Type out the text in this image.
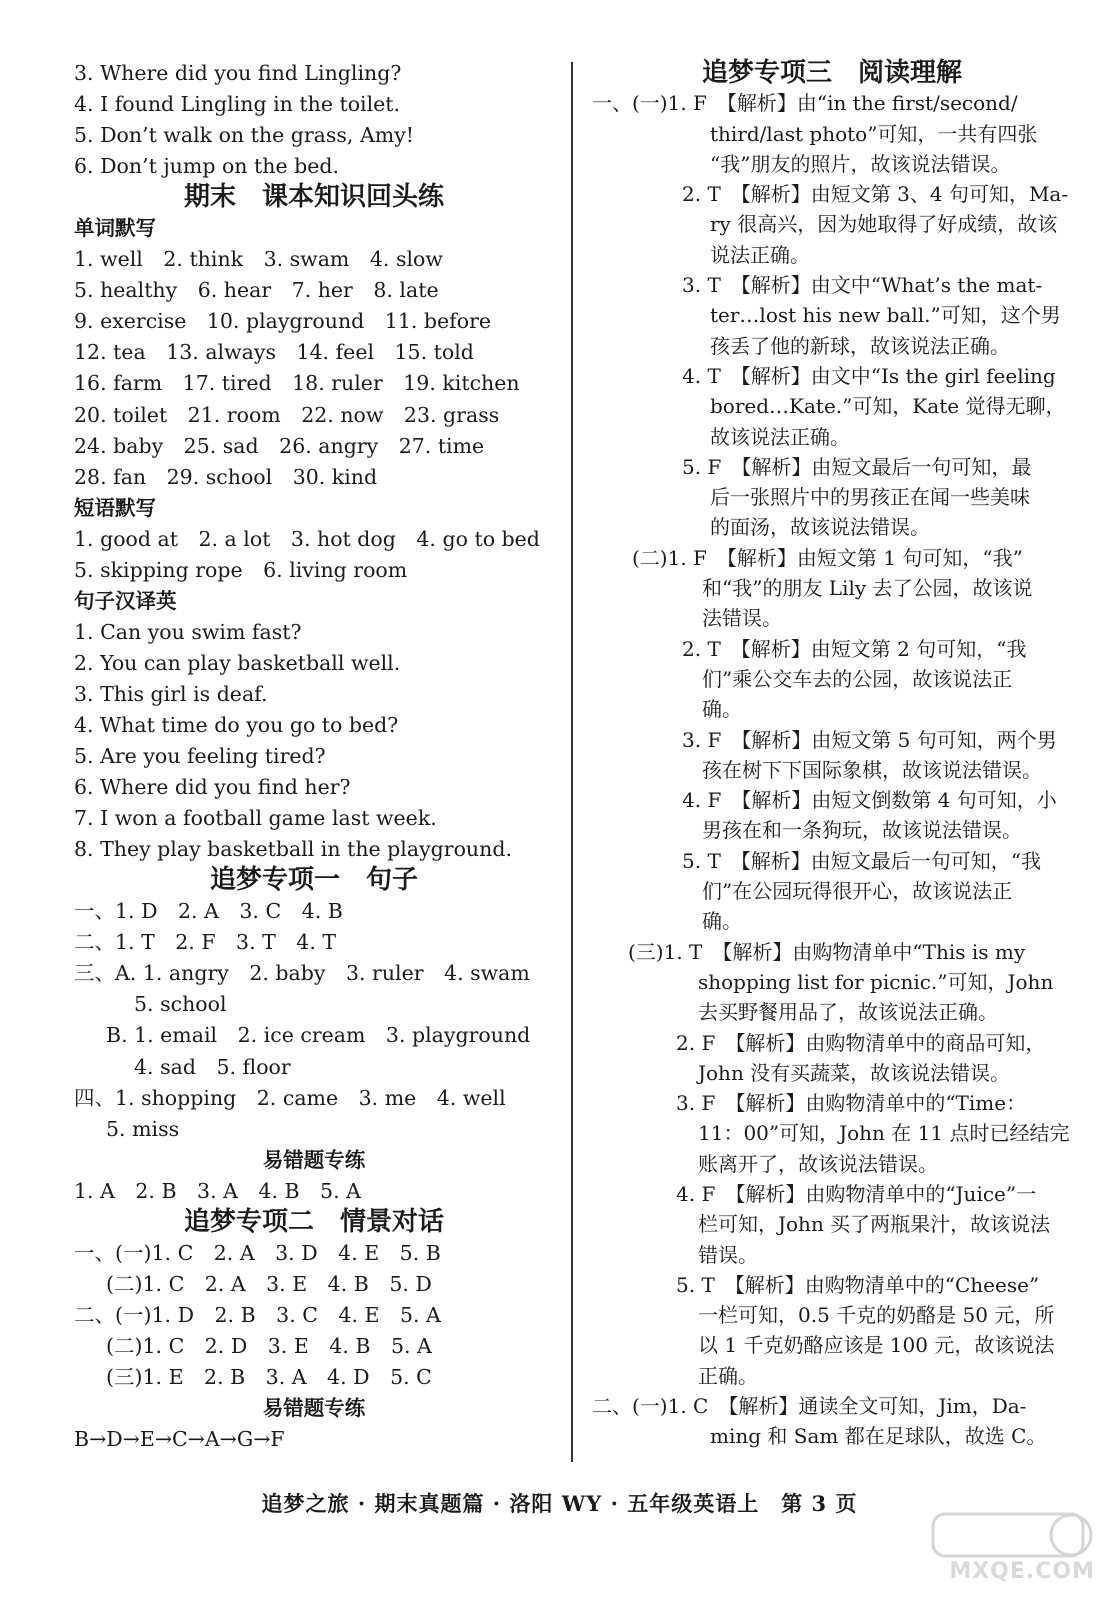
3. Where did you find Lingling?
4. I found Lingling in the toilet.
5. Don’t walk on the grass, Amy!
6. Don’t jump on the bed.
期末　课本知识回头练
单词默写
1. well　2. think　3. swam　4. slow
5. healthy　6. hear　7. her　8. late
9. exercise　10. playground　11. before
12. tea　13. always　14. feel　15. told
16. farm　17. tired　18. ruler　19. kitchen
20. toilet　21. room　22. now　23. grass
24. baby　25. sad　26. angry　27. time
28. fan　29. school　30. kind
短语默写
1. good at　2. a lot　3. hot dog　4. go to bed
5. skipping rope　6. living room
句子汉译英
1. Can you swim fast?
2. You can play basketball well.
3. This girl is deaf.
4. What time do you go to bed?
5. Are you feeling tired?
6. Where did you find her?
7. I won a football game last week.
8. They play basketball in the playground.
追梦专项一　句子
一、1. D　2. A　3. C　4. B
二、1. T　2. F　3. T　4. T
三、A. 1. angry　2. baby　3. ruler　4. swam
5. school
B. 1. email　2. ice cream　3. playground
4. sad　5. floor
四、1. shopping　2. came　3. me　4. well
5. miss
易错题专练
1. A　2. B　3. A　4. B　5. A
追梦专项二　情景对话
一、(一)1. C　2. A　3. D　4. E　5. B
(二)1. C　2. A　3. E　4. B　5. D
二、(一)1. D　2. B　3. C　4. E　5. A
(二)1. C　2. D　3. E　4. B　5. A
(三)1. E　2. B　3. A　4. D　5. C
易错题专练
B→D→E→C→A→G→F
追梦专项三　阅读理解
一、(一)1. F　【解析】由“in the first/second/
third/last photo”可知，一共有四张
“我”朋友的照片，故该说法错误。
2. T　【解析】由短文第 3、4 句可知，Ma-
ry 很高兴，因为她取得了好成绩，故该
说法正确。
3. T　【解析】由文中“What’s the mat-
ter…lost his new ball.”可知，这个男
孩丢了他的新球，故该说法正确。
4. T　【解析】由文中“Is the girl feeling
bored…Kate.”可知，Kate 觉得无聊，
故该说法正确。
5. F　【解析】由短文最后一句可知，最
后一张照片中的男孩正在闻一些美味
的面汤，故该说法错误。
(二)1. F　【解析】由短文第 1 句可知，“我”
和“我”的朋友 Lily 去了公园，故该说
法错误。
2. T　【解析】由短文第 2 句可知，“我
们”乘公交车去的公园，故该说法正
确。
3. F　【解析】由短文第 5 句可知，两个男
孩在树下下国际象棋，故该说法错误。
4. F　【解析】由短文倒数第 4 句可知，小
男孩在和一条狗玩，故该说法错误。
5. T　【解析】由短文最后一句可知，“我
们”在公园玩得很开心，故该说法正
确。
(三)1. T　【解析】由购物清单中“This is my
shopping list for picnic.”可知，John
去买野餐用品了，故该说法正确。
2. F　【解析】由购物清单中的商品可知，
John 没有买蔬菜，故该说法错误。
3. F　【解析】由购物清单中的“Time：
11：00”可知，John 在 11 点时已经结完
账离开了，故该说法错误。
4. F　【解析】由购物清单中的“Juice”一
栏可知，John 买了两瓶果汁，故该说法
错误。
5. T　【解析】由购物清单中的“Cheese”
一栏可知，0.5 千克的奶酪是 50 元，所
以 1 千克奶酪应该是 100 元，故该说法
正确。
二、(一)1. C　【解析】通读全文可知，Jim，Da-
ming 和 Sam 都在足球队，故选 C。
追梦之旅 · 期末真题篇 · 洛阳 WY · 五年级英语上　第 3 页
MXQE.COM
